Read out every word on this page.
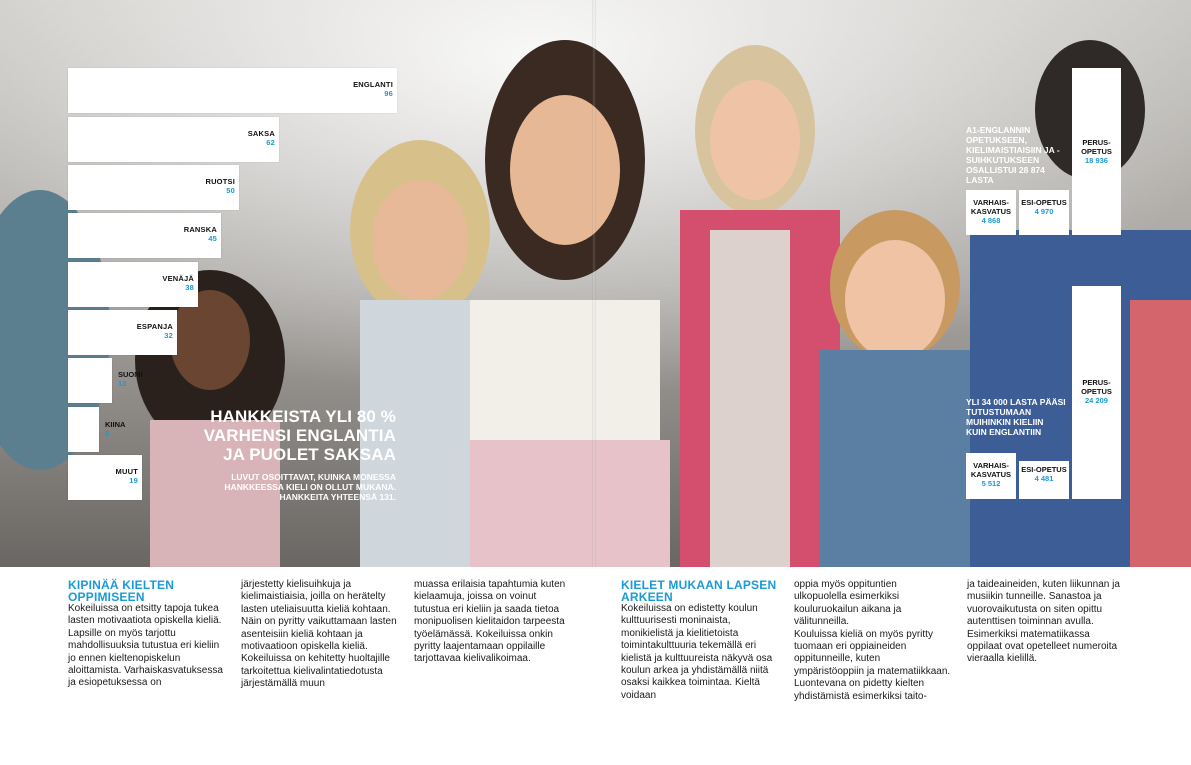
ENGLANTI
96
SAKSA
62
RUOTSI
50
RANSKA
45
VENÄJÄ
38
ESPANJA
32
SUOMI
13
KIINA
9
MUUT
19
HANKKEISTA YLI 80 % VARHENSI ENGLANTIA JA PUOLET SAKSAA
LUVUT OSOITTAVAT, KUINKA MONESSA HANKKEESSA KIELI ON OLLUT MUKANA. HANKKEITA YHTEENSÄ 131.
A1-ENGLANNIN OPETUKSEEN, KIELIMAISTIAISIIN JA -SUIHKUTUKSEEN OSALLISTUI 28 874 LASTA
PERUS-OPETUS
18 936
VARHAIS-KASVATUS
4 868
ESI-OPETUS
4 970
YLI 34 000 LASTA PÄÄSI TUTUSTUMAAN MUIHINKIN KIELIIN KUIN ENGLANTIIN
PERUS-OPETUS
24 209
VARHAIS-KASVATUS
5 512
ESI-OPETUS
4 481
KIPINÄÄ KIELTEN OPPIMISEEN

Kokeiluissa on etsitty tapoja tukea lasten motivaatiota opiskella kieliä. Lapsille on myös tarjottu mahdollisuuksia tutustua eri kieliin jo ennen kieltenopiskelun aloittamista. Varhaiskasvatuksessa ja esiopetuksessa on

järjestetty kielisuihkuja ja kielimaistiaisia, joilla on herätelty lasten uteliaisuutta kieliä kohtaan. Näin on pyritty vaikuttamaan lasten asenteisiin kieliä kohtaan ja motivaatioon opiskella kieliä.

Kokeiluissa on kehitetty huoltajille tarkoitettua kielivalintatiedotusta järjestämällä muun

muassa erilaisia tapahtumia kuten kielaamuja, joissa on voinut tutustua eri kieliin ja saada tietoa monipuolisen kielitaidon tarpeesta työelämässä. Kokeiluissa onkin pyritty laajentamaan oppilaille tarjottavaa kielivalikoimaa.

KIELET MUKAAN LAPSEN ARKEEN

Kokeiluissa on edistetty koulun kulttuurisesti moninaista, monikielistä ja kielitietoista toimintakulttuuria tekemällä eri kielistä ja kulttuureista näkyvä osa koulun arkea ja yhdistämällä niitä osaksi kaikkea toimintaa. Kieltä voidaan

oppia myös oppituntien ulkopuolella esimerkiksi kouluruokailun aikana ja välitunneilla.

Kouluissa kieliä on myös pyritty tuomaan eri oppiaineiden oppitunneille, kuten ympäristöoppiin ja matematiikkaan. Luontevana on pidetty kielten yhdistämistä esimerkiksi taito-

ja taideaineiden, kuten liikunnan ja musiikin tunneille. Sanastoa ja vuorovaikutusta on siten opittu autenttisen toiminnan avulla. Esimerkiksi matematiikassa oppilaat ovat opetelleet numeroita vieraalla kielillä.
